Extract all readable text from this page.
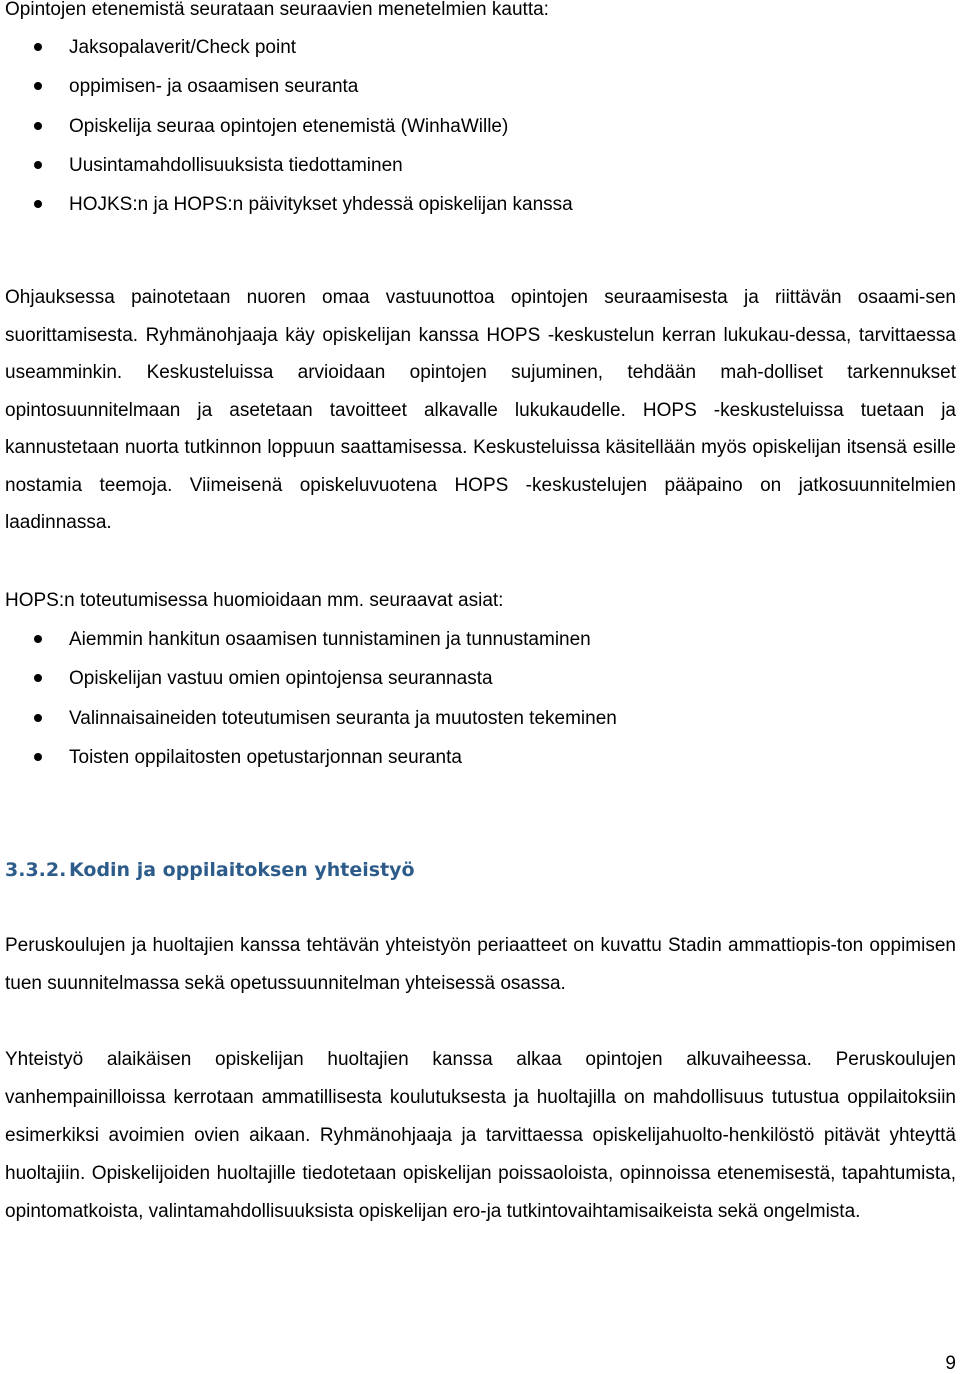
Opintojen etenemistä seurataan seuraavien menetelmien kautta:
Jaksopalaverit/Check point
oppimisen- ja osaamisen seuranta
Opiskelija seuraa opintojen etenemistä (WinhaWille)
Uusintamahdollisuuksista tiedottaminen
HOJKS:n ja HOPS:n päivitykset yhdessä opiskelijan kanssa

Ohjauksessa painotetaan nuoren omaa vastuunottoa opintojen seuraamisesta ja riittävän osaami-sen suorittamisesta. Ryhmänohjaaja käy opiskelijan kanssa HOPS -keskustelun kerran lukukau-dessa, tarvittaessa useamminkin. Keskusteluissa arvioidaan opintojen sujuminen, tehdään mah-dolliset tarkennukset opintosuunnitelmaan ja asetetaan tavoitteet alkavalle lukukaudelle. HOPS -keskusteluissa tuetaan ja kannustetaan nuorta tutkinnon loppuun saattamisessa. Keskusteluissa käsitellään myös opiskelijan itsensä esille nostamia teemoja. Viimeisenä opiskeluvuotena HOPS -keskustelujen pääpaino on jatkosuunnitelmien laadinnassa.

HOPS:n toteutumisessa huomioidaan mm. seuraavat asiat:
Aiemmin hankitun osaamisen tunnistaminen ja tunnustaminen
Opiskelijan vastuu omien opintojensa seurannasta
Valinnaisaineiden toteutumisen seuranta ja muutosten tekeminen
Toisten oppilaitosten opetustarjonnan seuranta
3.3.2. Kodin ja oppilaitoksen yhteistyö

Peruskoulujen ja huoltajien kanssa tehtävän yhteistyön periaatteet on kuvattu Stadin ammattiopis-ton oppimisen tuen suunnitelmassa sekä opetussuunnitelman yhteisessä osassa.

Yhteistyö alaikäisen opiskelijan huoltajien kanssa alkaa opintojen alkuvaiheessa. Peruskoulujen vanhempainilloissa kerrotaan ammatillisesta koulutuksesta ja huoltajilla on mahdollisuus tutustua oppilaitoksiin esimerkiksi avoimien ovien aikaan. Ryhmänohjaaja ja tarvittaessa opiskelijahuolto-henkilöstö pitävät yhteyttä huoltajiin. Opiskelijoiden huoltajille tiedotetaan opiskelijan poissaoloista, opinnoissa etenemisestä, tapahtumista, opintomatkoista, valintamahdollisuuksista opiskelijan ero-ja tutkintovaihtamisaikeista sekä ongelmista.

9
